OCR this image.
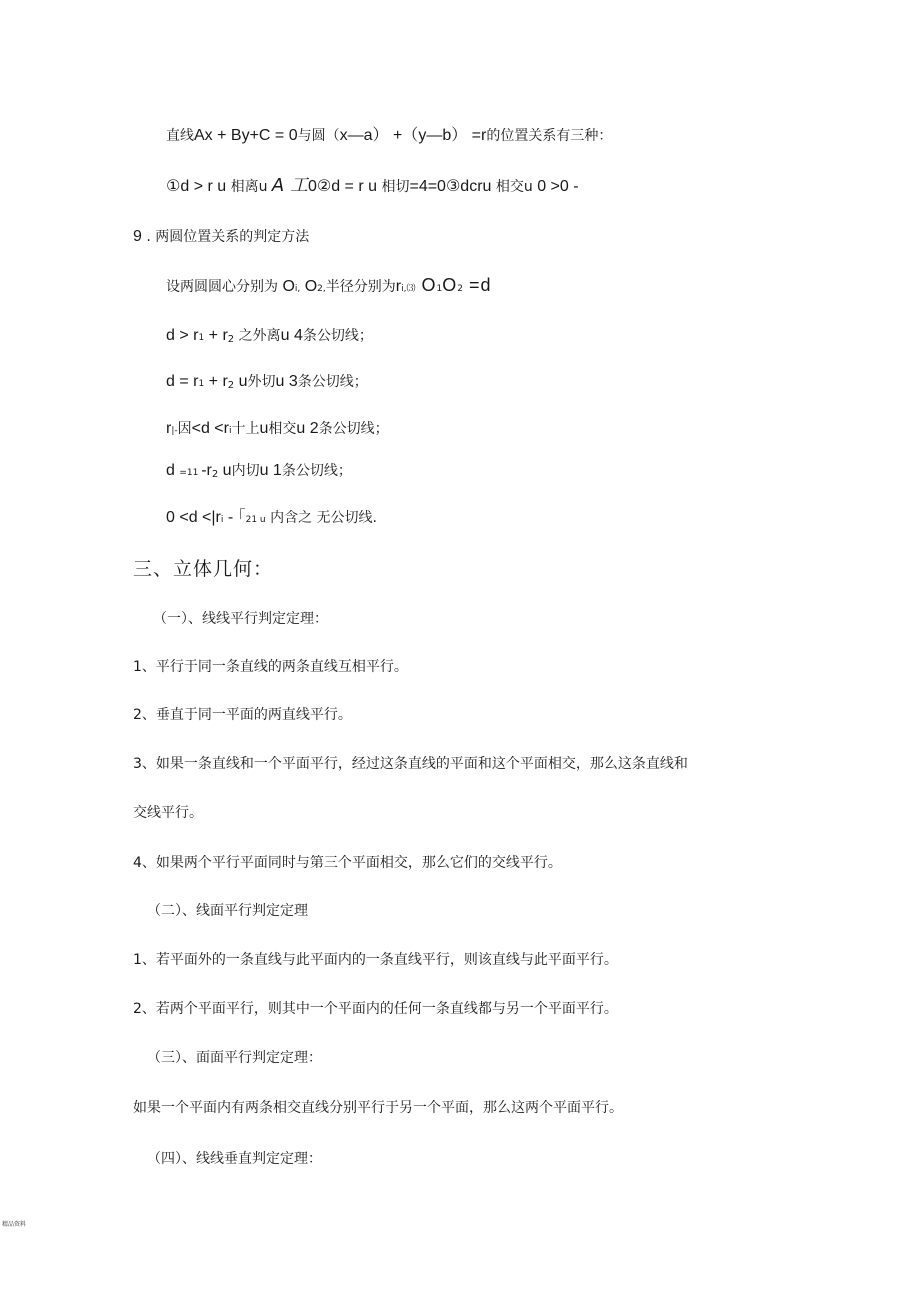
直线Ax + By+C = 0与圆（x—a） +（y—b） =r的位置关系有三种：
①d > r u 相离u A 工0②d = r u 相切=4=0③dcru 相交u 0 >0 -
9 . 两圆位置关系的判定方法
设两圆圆心分别为 Oi, O2,半径分别为ri,⑶ O1O2 =d
$d > r1 + r_2$ 之外离u 4条公切线；
$d = r1 + r_2$ u外切u 3条公切线；
r|-因<d <ri十上u相交u 2条公切线；
d =11 $-r_2$ u内切u 1条公切线；
0 <d <|ri - ｢21 u 内含之 无公切线.
三、立体几何：
（一）、线线平行判定定理：
1、平行于同一条直线的两条直线互相平行。
2、垂直于同一平面的两直线平行。
3、如果一条直线和一个平面平行，经过这条直线的平面和这个平面相交，那么这条直线和
交线平行。
4、如果两个平行平面同时与第三个平面相交，那么它们的交线平行。
（二）、线面平行判定定理
1、若平面外的一条直线与此平面内的一条直线平行，则该直线与此平面平行。
2、若两个平面平行，则其中一个平面内的任何一条直线都与另一个平面平行。
（三）、面面平行判定定理：
如果一个平面内有两条相交直线分别平行于另一个平面，那么这两个平面平行。
（四）、线线垂直判定定理：
精品资料
